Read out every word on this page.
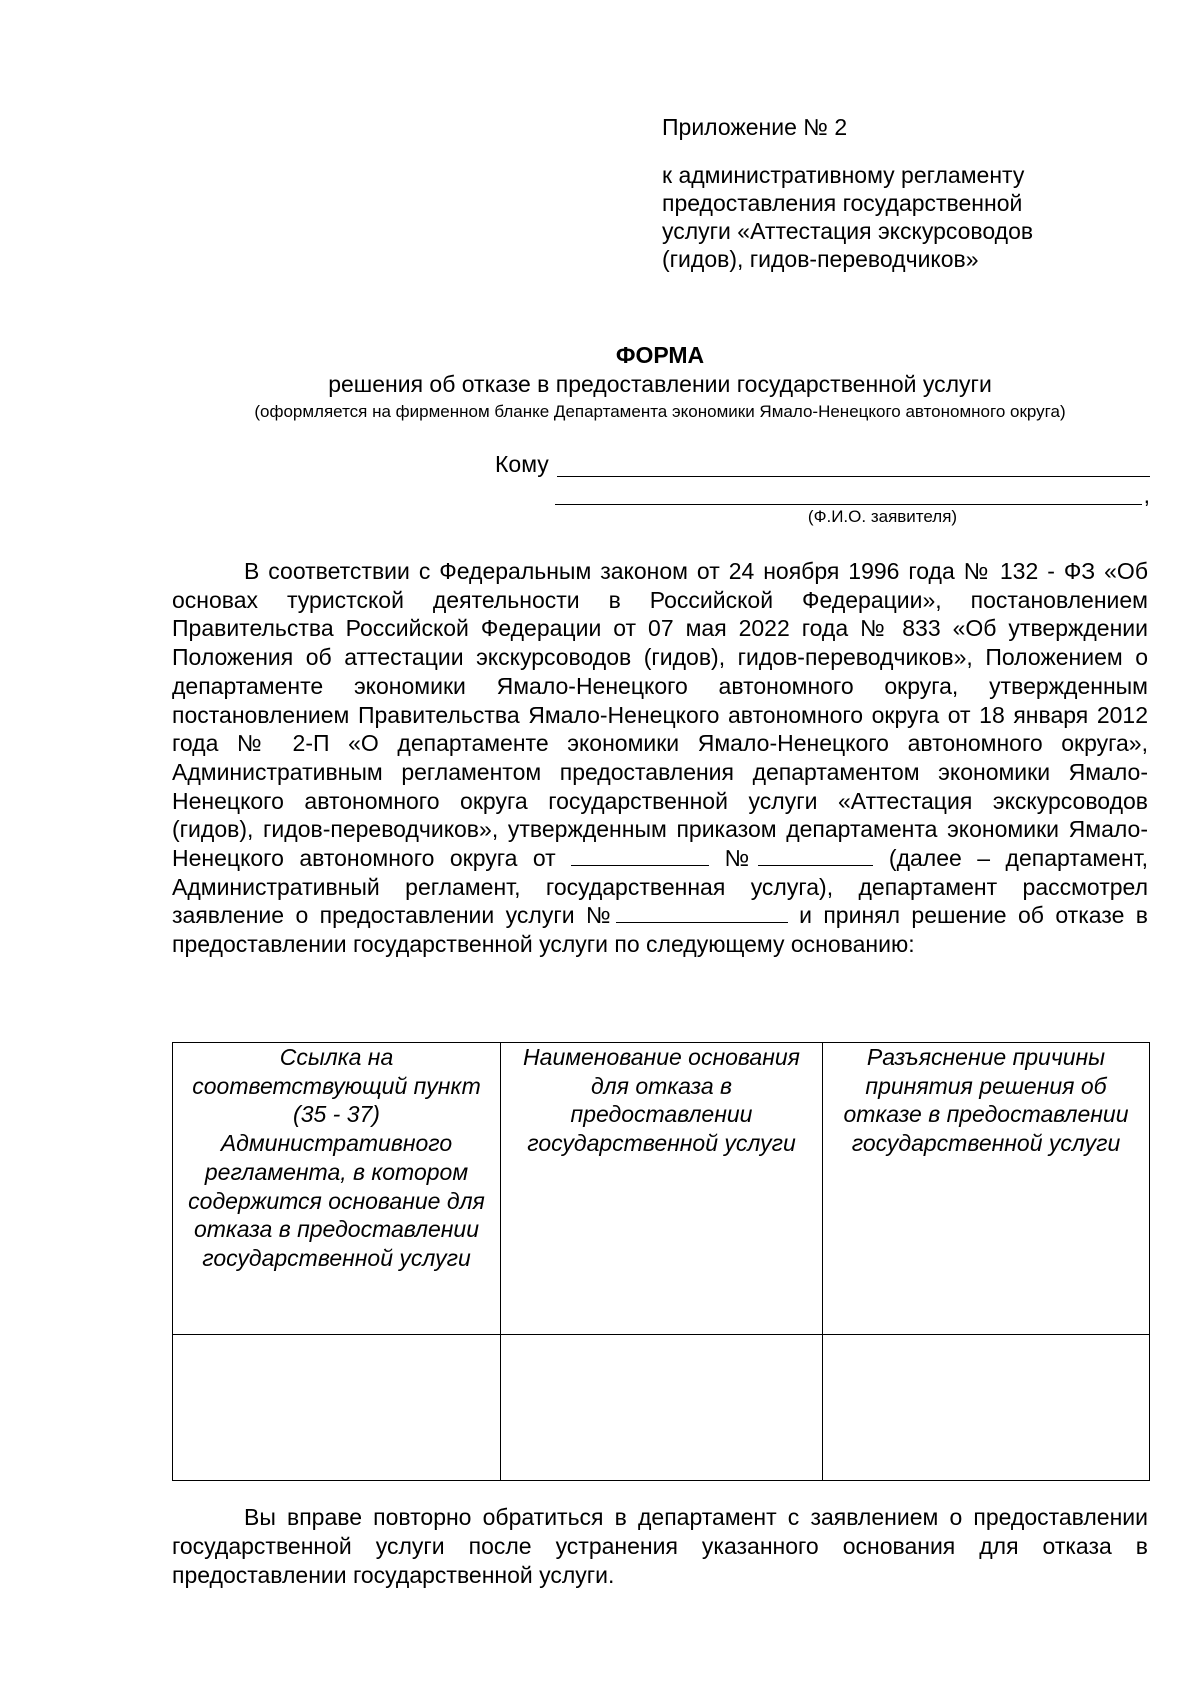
Приложение № 2
к административному регламенту
предоставления государственной
услуги «Аттестация экскурсоводов
(гидов), гидов-переводчиков»
ФОРМА
решения об отказе в предоставлении государственной услуги
(оформляется на фирменном бланке Департамента экономики Ямало-Ненецкого автономного округа)
Кому
,
(Ф.И.О. заявителя)
В соответствии с Федеральным законом от 24 ноября 1996 года № 132 - ФЗ «Об основах туристской деятельности в Российской Федерации», постановлением Правительства Российской Федерации от 07 мая 2022 года № 833 «Об утверждении Положения об аттестации экскурсоводов (гидов), гидов-переводчиков», Положением о департаменте экономики Ямало-Ненецкого автономного округа, утвержденным постановлением Правительства Ямало-Ненецкого автономного округа от 18 января 2012 года № 2-П «О департаменте экономики Ямало-Ненецкого автономного округа», Административным регламентом предоставления департаментом экономики Ямало-Ненецкого автономного округа государственной услуги «Аттестация экскурсоводов (гидов), гидов-переводчиков», утвержденным приказом департамента экономики Ямало-Ненецкого автономного округа от	№	(далее – департамент, Административный регламент, государственная услуга), департамент рассмотрел заявление о предоставлении услуги №	и принял решение об отказе в предоставлении государственной услуги по следующему основанию:
Ссылка на соответствующий пункт (35 - 37) Административного регламента, в котором содержится основание для отказа в предоставлении государственной услуги	Наименование основания для отказа в предоставлении государственной услуги	Разъяснение причины принятия решения об отказе в предоставлении государственной услуги

Вы вправе повторно обратиться в департамент с заявлением о предоставлении государственной услуги после устранения указанного основания для отказа в предоставлении государственной услуги.
